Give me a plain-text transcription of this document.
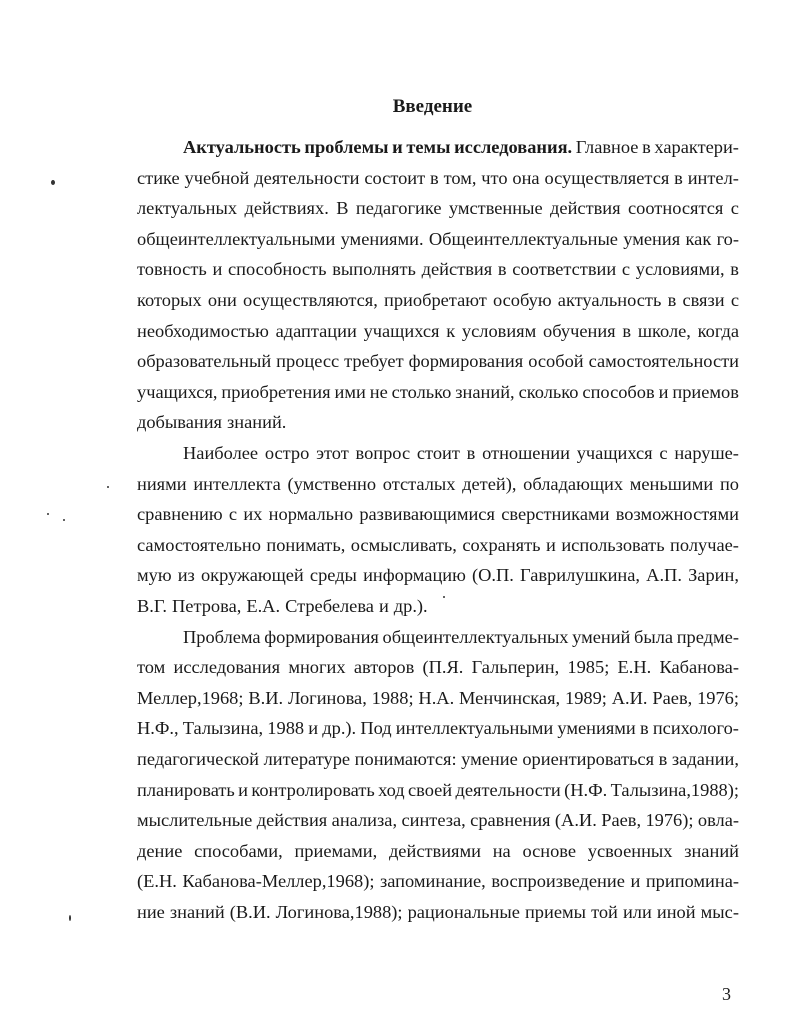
Введение
Актуальность проблемы и темы исследования. Главное в характери-
стике учебной деятельности состоит в том, что она осуществляется в интел-
лектуальных действиях. В педагогике умственные действия соотносятся с
общеинтеллектуальными умениями. Общеинтеллектуальные умения как го-
товность и способность выполнять действия в соответствии с условиями, в
которых они осуществляются, приобретают особую актуальность в связи с
необходимостью адаптации учащихся к условиям обучения в школе, когда
образовательный процесс требует формирования особой самостоятельности
учащихся, приобретения ими не столько знаний, сколько способов и приемов
добывания знаний.
Наиболее остро этот вопрос стоит в отношении учащихся с наруше-
ниями интеллекта (умственно отсталых детей), обладающих меньшими по
сравнению с их нормально развивающимися сверстниками возможностями
самостоятельно понимать, осмысливать, сохранять и использовать получае-
мую из окружающей среды информацию (О.П. Гаврилушкина, А.П. Зарин,
В.Г. Петрова, Е.А. Стребелева и др.).
Проблема формирования общеинтеллектуальных умений была предме-
том исследования многих авторов (П.Я. Гальперин, 1985; Е.Н. Кабанова-
Меллер,1968; В.И. Логинова, 1988; Н.А. Менчинская, 1989; А.И. Раев, 1976;
Н.Ф., Талызина, 1988 и др.). Под интеллектуальными умениями в психолого-
педагогической литературе понимаются: умение ориентироваться в задании,
планировать и контролировать ход своей деятельности (Н.Ф. Талызина,1988);
мыслительные действия анализа, синтеза, сравнения (А.И. Раев, 1976); овла-
дение способами, приемами, действиями на основе усвоенных знаний
(Е.Н. Кабанова-Меллер,1968); запоминание, воспроизведение и припомина-
ние знаний (В.И. Логинова,1988); рациональные приемы той или иной мыс-
3
